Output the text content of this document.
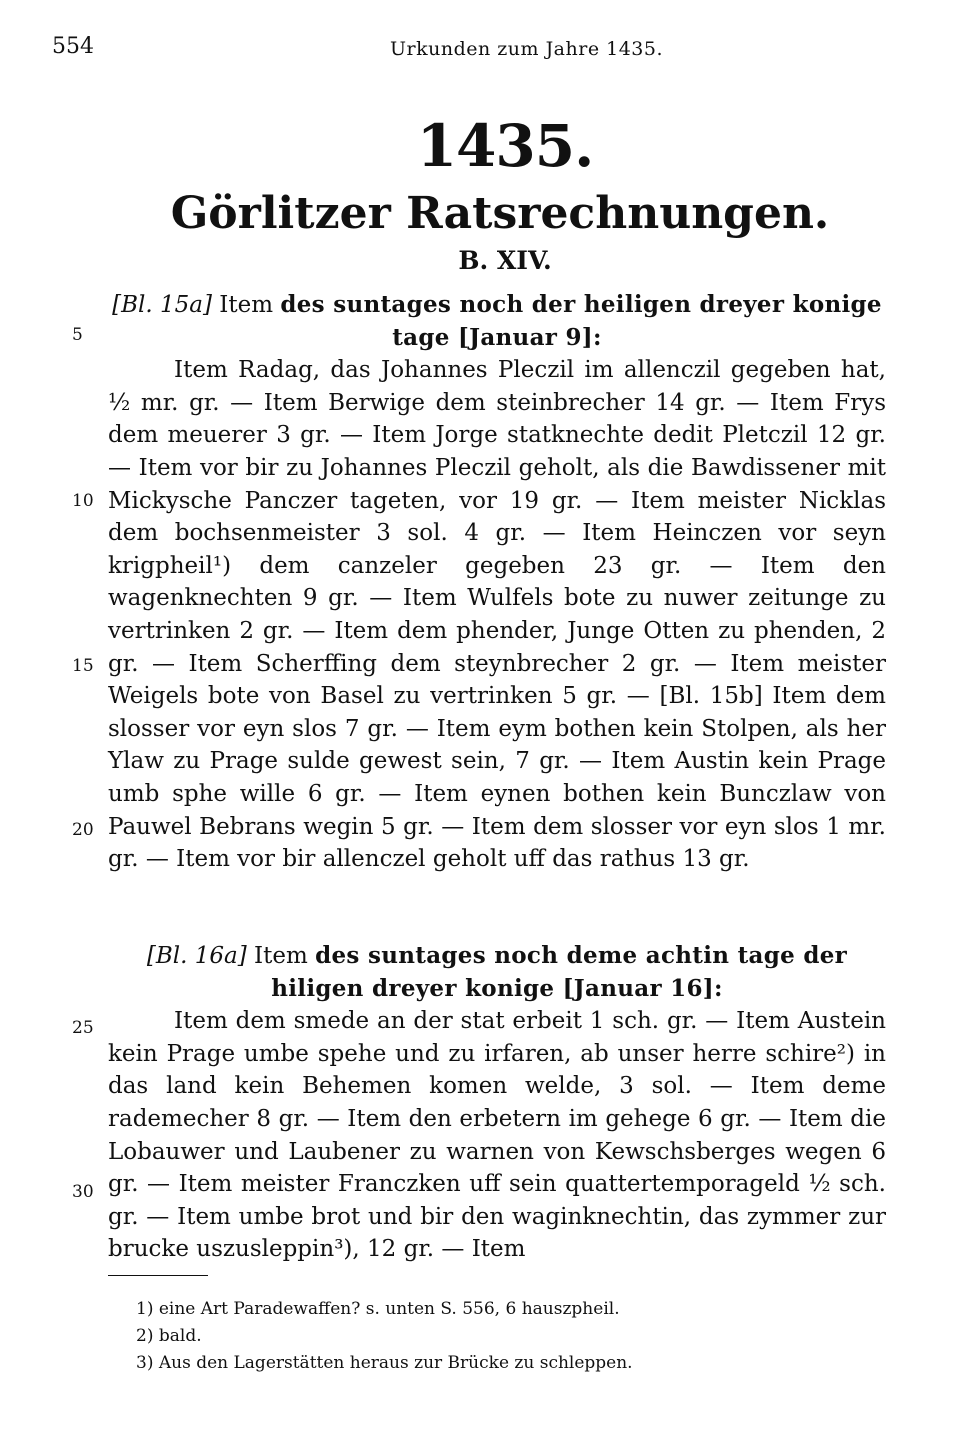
554	Urkunden zum Jahre 1435.
1435.
Görlitzer Ratsrechnungen.
B. XIV.
[Bl. 15a] Item des suntages noch der heiligen dreyer konige tage [Januar 9]:
Item Radag, das Johannes Pleczil im allenczil gegeben hat, ½ mr. gr. — Item Berwige dem steinbrecher 14 gr. — Item Frys dem meuerer 3 gr. — Item Jorge statknechte dedit Pletczil 12 gr. — Item vor bir zu Johannes Pleczil geholt, als die Bawdissener mit Mickysche Panczer tageten, vor 19 gr. — Item meister Nicklas dem bochsenmeister 3 sol. 4 gr. — Item Heinczen vor seyn krigpheil¹) dem canzeler gegeben 23 gr. — Item den wagenknechten 9 gr. — Item Wulfels bote zu nuwer zeitunge zu vertrinken 2 gr. — Item dem phender, Junge Otten zu phenden, 2 gr. — Item Scherffing dem steynbrecher 2 gr. — Item meister Weigels bote von Basel zu vertrinken 5 gr. — [Bl. 15b] Item dem slosser vor eyn slos 7 gr. — Item eym bothen kein Stolpen, als her Ylaw zu Prage sulde gewest sein, 7 gr. — Item Austin kein Prage umb sphe wille 6 gr. — Item eynen bothen kein Bunczlaw von Pauwel Bebrans wegin 5 gr. — Item dem slosser vor eyn slos 1 mr. gr. — Item vor bir allenczel geholt uff das rathus 13 gr.
[Bl. 16a] Item des suntages noch deme achtin tage der hiligen dreyer konige [Januar 16]:
Item dem smede an der stat erbeit 1 sch. gr. — Item Austein kein Prage umbe spehe und zu irfaren, ab unser herre schire²) in das land kein Behemen komen welde, 3 sol. — Item deme rademecher 8 gr. — Item den erbetern im gehege 6 gr. — Item die Lobauwer und Laubener zu warnen von Kewschsberges wegen 6 gr. — Item meister Franczken uff sein quattertemporageld ½ sch. gr. — Item umbe brot und bir den waginknechtin, das zymmer zur brucke uszusleppin³), 12 gr. — Item
5
10
15
20
25
30
1) eine Art Paradewaffen? s. unten S. 556, 6 hauszpheil.
2) bald.
3) Aus den Lagerstätten heraus zur Brücke zu schleppen.
